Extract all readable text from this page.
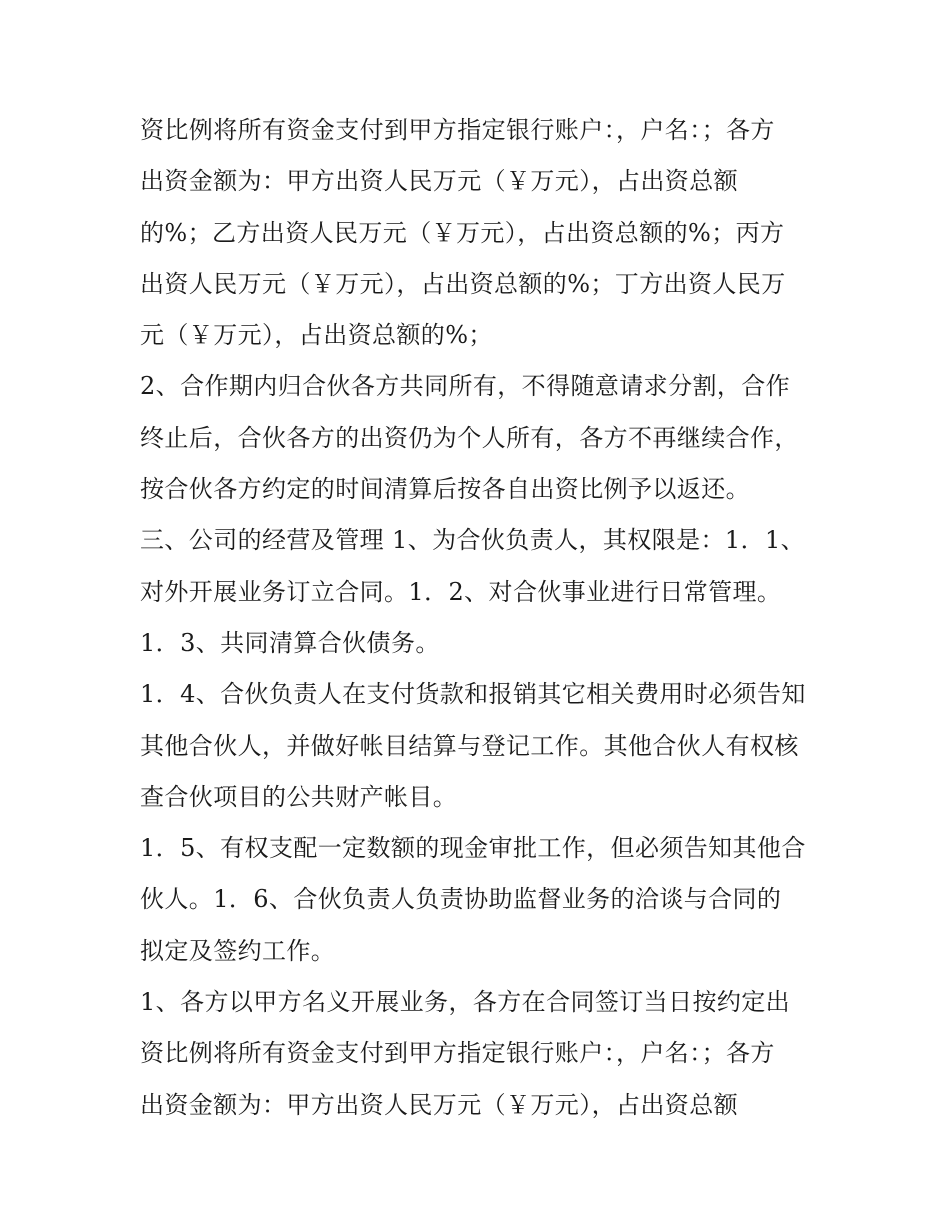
资比例将所有资金支付到甲方指定银行账户：，户名：；各方
出资金额为：甲方出资人民万元（￥万元），占出资总额
的%；乙方出资人民万元（￥万元），占出资总额的%；丙方
出资人民万元（￥万元），占出资总额的%；丁方出资人民万
元（￥万元），占出资总额的%；
2、合作期内归合伙各方共同所有，不得随意请求分割，合作
终止后，合伙各方的出资仍为个人所有，各方不再继续合作，
按合伙各方约定的时间清算后按各自出资比例予以返还。
三、公司的经营及管理 1、为合伙负责人，其权限是：1．1、
对外开展业务订立合同。1．2、对合伙事业进行日常管理。
1．3、共同清算合伙债务。
1．4、合伙负责人在支付货款和报销其它相关费用时必须告知
其他合伙人，并做好帐目结算与登记工作。其他合伙人有权核
查合伙项目的公共财产帐目。
1．5、有权支配一定数额的现金审批工作，但必须告知其他合
伙人。1．6、合伙负责人负责协助监督业务的洽谈与合同的
拟定及签约工作。
1、各方以甲方名义开展业务，各方在合同签订当日按约定出
资比例将所有资金支付到甲方指定银行账户：，户名：；各方
出资金额为：甲方出资人民万元（￥万元），占出资总额
